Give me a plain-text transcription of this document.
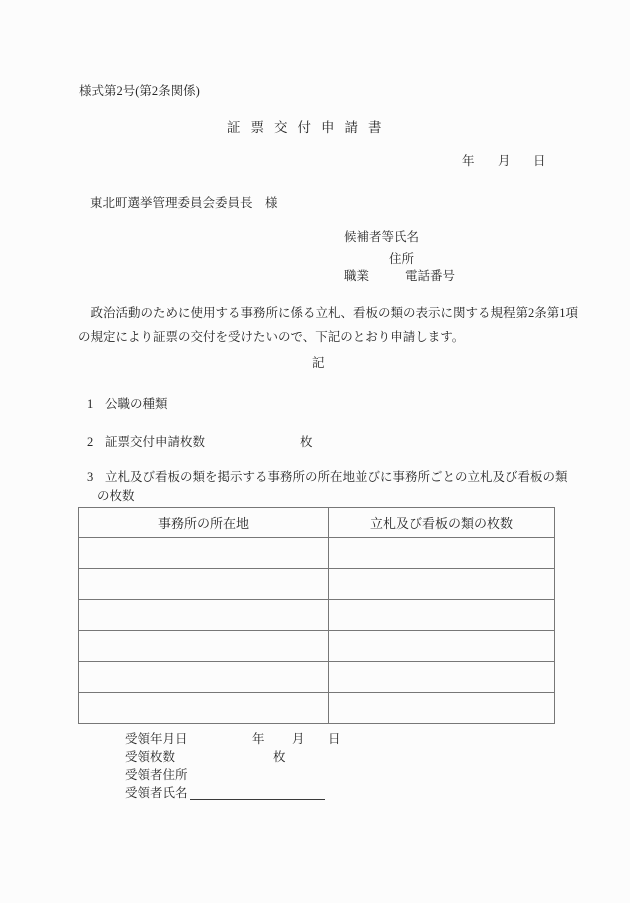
様式第2号(第2条関係)
証票交付申請書
年 月 日
東北町選挙管理委員会委員長　様
候補者等氏名
住所
職業	電話番号
　政治活動のために使用する事務所に係る立札、看板の類の表示に関する規程第2条第1項
の規定により証票の交付を受けたいので、下記のとおり申請します。
記
1 公職の種類
2 証票交付申請枚数	枚
3 立札及び看板の類を掲示する事務所の所在地並びに事務所ごとの立札及び看板の類
の枚数
事務所の所在地	立札及び看板の類の枚数

受領年月日	年 月 日
受領枚数	枚
受領者住所
受領者氏名
